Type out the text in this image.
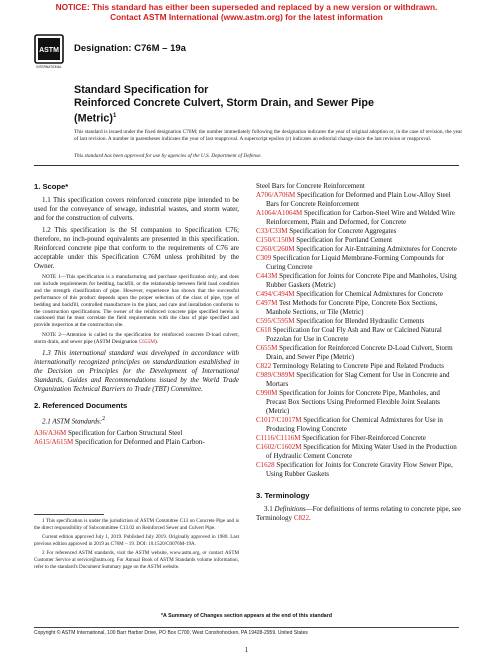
NOTICE: This standard has either been superseded and replaced by a new version or withdrawn.
Contact ASTM International (www.astm.org) for the latest information
ASTM
INTERNATIONAL
Designation: C76M – 19a
Standard Specification for
Reinforced Concrete Culvert, Storm Drain, and Sewer Pipe
(Metric)$^1$
This standard is issued under the fixed designation C76M; the number immediately following the designation indicates the year of original adoption or, in the case of revision, the year of last revision. A number in parentheses indicates the year of last reapproval. A superscript epsilon (ε) indicates an editorial change since the last revision or reapproval.
This standard has been approved for use by agencies of the U.S. Department of Defense.
1. Scope*

1.1 This specification covers reinforced concrete pipe intended to be used for the conveyance of sewage, industrial wastes, and storm water, and for the construction of culverts.

1.2 This specification is the SI companion to Specification C76; therefore, no inch-pound equivalents are presented in this specification. Reinforced concrete pipe that conform to the requirements of C76 are acceptable under this Specification C76M unless prohibited by the Owner.

NOTE 1—This specification is a manufacturing and purchase specification only, and does not include requirements for bedding, backfill, or the relationship between field load condition and the strength classification of pipe. However, experience has shown that the successful performance of this product depends upon the proper selection of the class of pipe, type of bedding and backfill, controlled manufacture in the plant, and care and installation conforms to the construction specifications. The owner of the reinforced concrete pipe specified herein is cautioned that he must correlate the field requirements with the class of pipe specified and provide inspection at the construction site.

NOTE 2—Attention is called to the specification for reinforced concrete D-load culvert, storm drain, and sewer pipe (ASTM Designation C655M).

1.3 This international standard was developed in accordance with internationally recognized principles on standardization established in the Decision on Principles for the Development of International Standards, Guides and Recommendations issued by the World Trade Organization Technical Barriers to Trade (TBT) Committee.

2. Referenced Documents

2.1 ASTM Standards:$^2$

A36/A36M Specification for Carbon Structural Steel
A615/A615M Specification for Deformed and Plain Carbon-
Steel Bars for Concrete Reinforcement
A706/A706M Specification for Deformed and Plain Low-Alloy Steel Bars for Concrete Reinforcement
A1064/A1064M Specification for Carbon-Steel Wire and Welded Wire Reinforcement, Plain and Deformed, for Concrete
C33/C33M Specification for Concrete Aggregates
C150/C150M Specification for Portland Cement
C260/C260M Specification for Air-Entraining Admixtures for Concrete
C309 Specification for Liquid Membrane-Forming Compounds for Curing Concrete
C443M Specification for Joints for Concrete Pipe and Manholes, Using Rubber Gaskets (Metric)
C494/C494M Specification for Chemical Admixtures for Concrete
C497M Test Methods for Concrete Pipe, Concrete Box Sections, Manhole Sections, or Tile (Metric)
C595/C595M Specification for Blended Hydraulic Cements
C618 Specification for Coal Fly Ash and Raw or Calcined Natural Pozzolan for Use in Concrete
C655M Specification for Reinforced Concrete D-Load Culvert, Storm Drain, and Sewer Pipe (Metric)
C822 Terminology Relating to Concrete Pipe and Related Products
C989/C989M Specification for Slag Cement for Use in Concrete and Mortars
C990M Specification for Joints for Concrete Pipe, Manholes, and Precast Box Sections Using Preformed Flexible Joint Sealants (Metric)
C1017/C1017M Specification for Chemical Admixtures for Use in Producing Flowing Concrete
C1116/C1116M Specification for Fiber-Reinforced Concrete
C1602/C1602M Specification for Mixing Water Used in the Production of Hydraulic Cement Concrete
C1628 Specification for Joints for Concrete Gravity Flow Sewer Pipe, Using Rubber Gaskets
3. Terminology

3.1 Definitions—For definitions of terms relating to concrete pipe, see Terminology C822.

1 This specification is under the jurisdiction of ASTM Committee C13 on Concrete Pipe and is the direct responsibility of Subcommittee C13.02 on Reinforced Sewer and Culvert Pipe.

Current edition approved July 1, 2019. Published July 2019. Originally approved in 1980. Last previous edition approved in 2019 as C76M – 19. DOI: 10.1520/C0076M-19A.

2 For referenced ASTM standards, visit the ASTM website, www.astm.org, or contact ASTM Customer Service at service@astm.org. For Annual Book of ASTM Standards volume information, refer to the standard's Document Summary page on the ASTM website.

*A Summary of Changes section appears at the end of this standard
Copyright © ASTM International, 100 Barr Harbor Drive, PO Box C700, West Conshohocken, PA 19428-2959. United States
1
